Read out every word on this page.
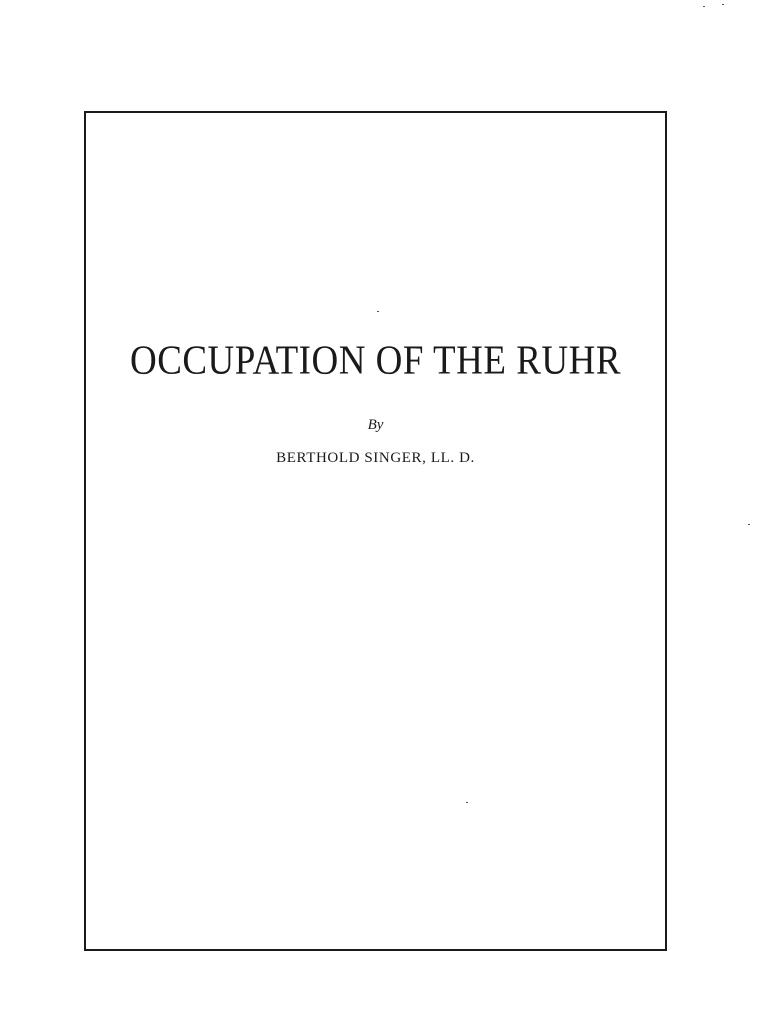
OCCUPATION OF THE RUHR
By
BERTHOLD SINGER, LL. D.
